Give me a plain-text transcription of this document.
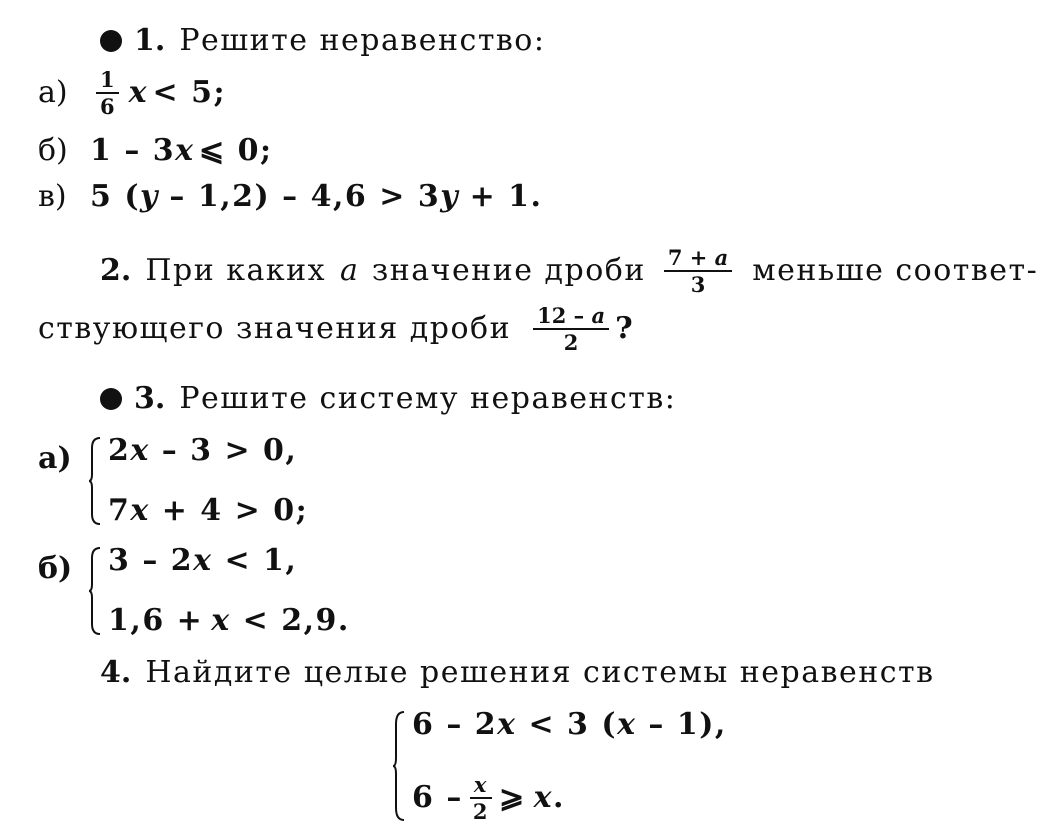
1. Решите неравенство:
а)	$\frac{1}{6}$ x < 5;
б) 1 – 3 x ⩽ 0;
в) 5 ( y – 1,2) – 4,6 > 3 y + 1.
2. При каких a значение дроби $\frac{7 + a}{3}$ меньше соответ-
ствующего значения дроби $\frac{12 - a}{2}$ ?
3. Решите систему неравенств:
а) 2 x – 3 > 0,
7 x + 4 > 0;
б) 3 – 2 x < 1,
1,6 + x < 2,9.
4. Найдите целые решения системы неравенств
6 – 2 x < 3 ( x – 1),
$6 - \frac{x}{2}$ ⩾ x .
